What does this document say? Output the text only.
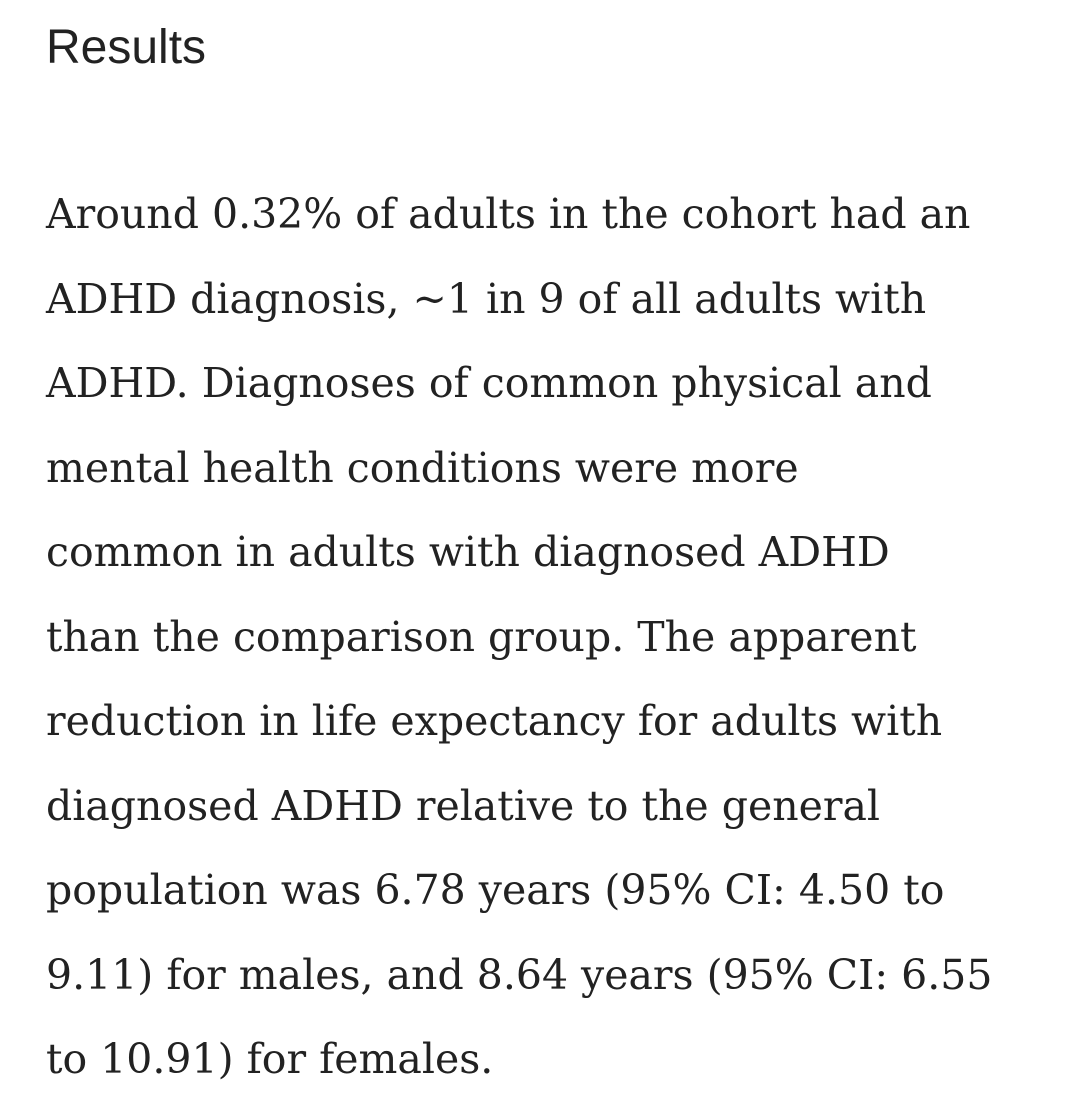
Results

Around 0.32% of adults in the cohort had an
ADHD diagnosis, ~1 in 9 of all adults with
ADHD. Diagnoses of common physical and
mental health conditions were more
common in adults with diagnosed ADHD
than the comparison group. The apparent
reduction in life expectancy for adults with
diagnosed ADHD relative to the general
population was 6.78 years (95% CI: 4.50 to
9.11) for males, and 8.64 years (95% CI: 6.55
to 10.91) for females.
